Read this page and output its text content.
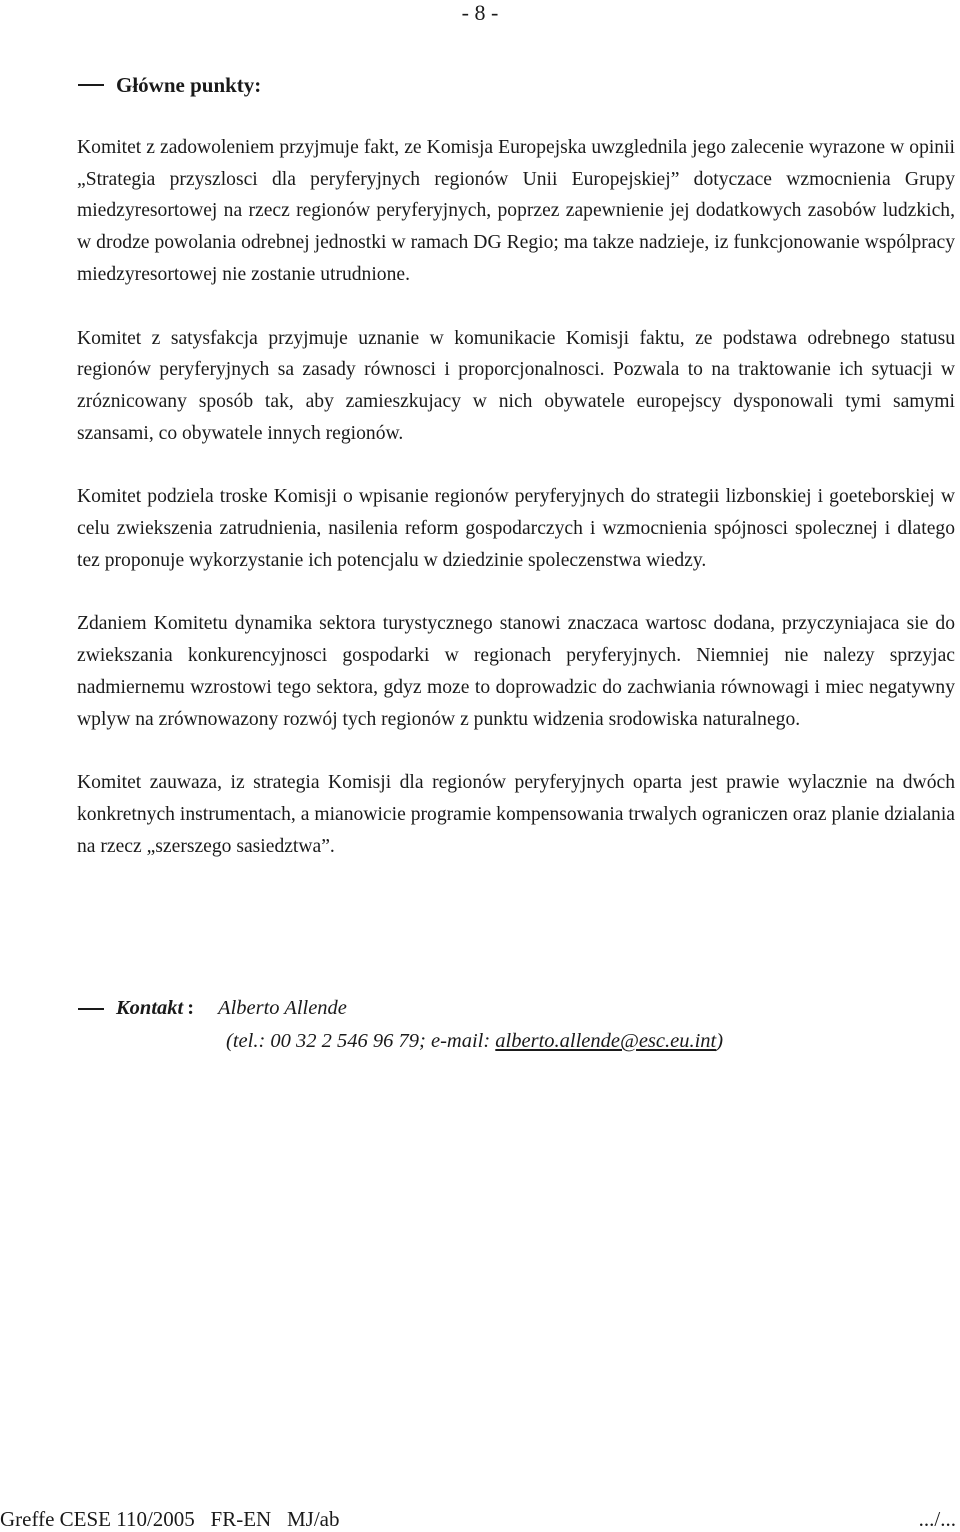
- 8 -
Główne punkty:

Komitet z zadowoleniem przyjmuje fakt, ze Komisja Europejska uwzglednila jego zalecenie wyrazone w opinii „Strategia przyszlosci dla peryferyjnych regionów Unii Europejskiej” dotyczace wzmocnienia Grupy miedzyresortowej na rzecz regionów peryferyjnych, poprzez zapewnienie jej dodatkowych zasobów ludzkich, w drodze powolania odrebnej jednostki w ramach DG Regio; ma takze nadzieje, iz funkcjonowanie wspólpracy miedzyresortowej nie zostanie utrudnione.

Komitet z satysfakcja przyjmuje uznanie w komunikacie Komisji faktu, ze podstawa odrebnego statusu regionów peryferyjnych sa zasady równosci i proporcjonalnosci. Pozwala to na traktowanie ich sytuacji w zróznicowany sposób tak, aby zamieszkujacy w nich obywatele europejscy dysponowali tymi samymi szansami, co obywatele innych regionów.

Komitet podziela troske Komisji o wpisanie regionów peryferyjnych do strategii lizbonskiej i goeteborskiej w celu zwiekszenia zatrudnienia, nasilenia reform gospodarczych i wzmocnienia spójnosci spolecznej i dlatego tez proponuje wykorzystanie ich potencjalu w dziedzinie spoleczenstwa wiedzy.

Zdaniem Komitetu dynamika sektora turystycznego stanowi znaczaca wartosc dodana, przyczyniajaca sie do zwiekszania konkurencyjnosci gospodarki w regionach peryferyjnych. Niemniej nie nalezy sprzyjac nadmiernemu wzrostowi tego sektora, gdyz moze to doprowadzic do zachwiania równowagi i miec negatywny wplyw na zrównowazony rozwój tych regionów z punktu widzenia srodowiska naturalnego.

Komitet zauwaza, iz strategia Komisji dla regionów peryferyjnych oparta jest prawie wylacznie na dwóch konkretnych instrumentach, a mianowicie programie kompensowania trwalych ograniczen oraz planie dzialania na rzecz „szerszego sasiedztwa”.

Kontakt : Alberto Allende
(tel.: 00 32 2 546 96 79; e-mail: alberto.allende@esc.eu.int)
Greffe CESE 110/2005   FR-EN   MJ/ab	.../...
